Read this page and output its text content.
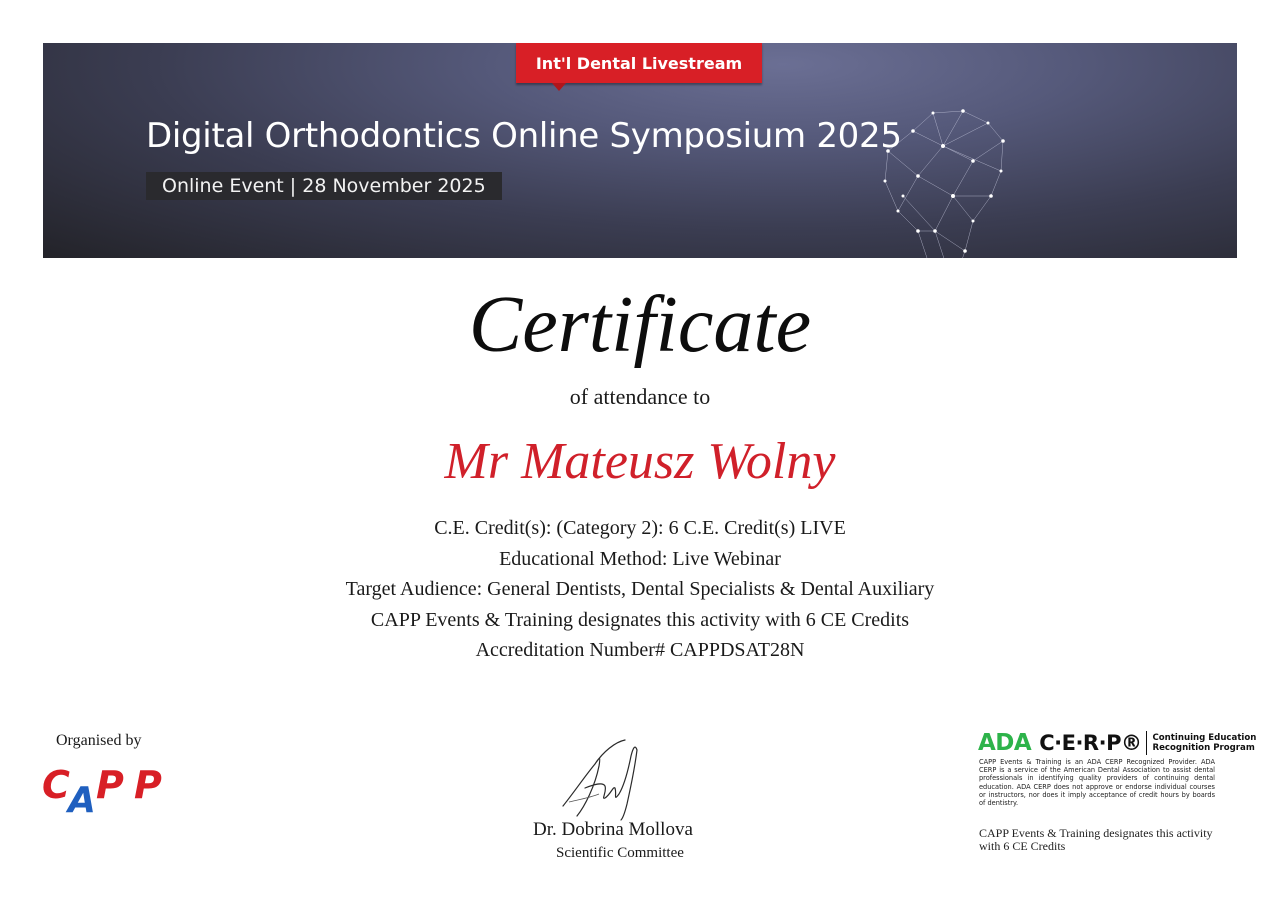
Int'l Dental Livestream
Digital Orthodontics Online Symposium 2025
Online Event | 28 November 2025
Certificate
of attendance to
Mr Mateusz Wolny
C.E. Credit(s): (Category 2): 6 C.E. Credit(s) LIVE
Educational Method: Live Webinar
Target Audience: General Dentists, Dental Specialists & Dental Auxiliary
CAPP Events & Training designates this activity with 6 CE Credits
Accreditation Number# CAPPDSAT28N
Organised by
C
A P P
Dr. Dobrina Mollova
Scientific Committee
ADA C·E·R·P® Continuing Education
Recognition Program
CAPP Events & Training is an ADA CERP Recognized Provider. ADA CERP is a service of the American Dental Association to assist dental professionals in identifying quality providers of continuing dental education. ADA CERP does not approve or endorse individual courses or instructors, nor does it imply acceptance of credit hours by boards of dentistry.
CAPP Events & Training designates this activity with 6 CE Credits
